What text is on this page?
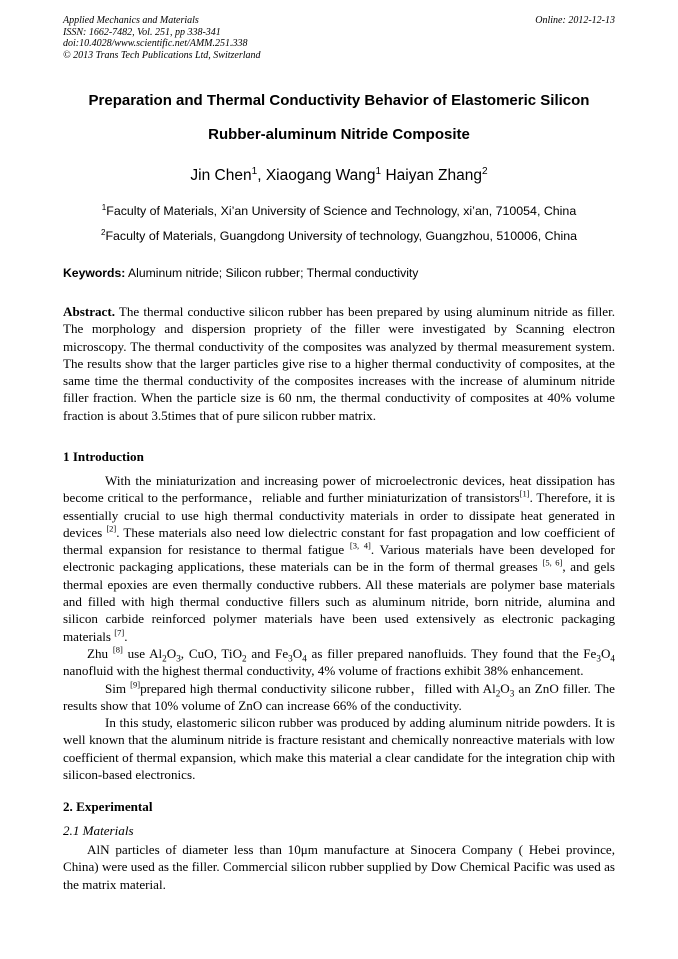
Applied Mechanics and Materials
ISSN: 1662-7482, Vol. 251, pp 338-341
doi:10.4028/www.scientific.net/AMM.251.338
© 2013 Trans Tech Publications Ltd, Switzerland
Online: 2012-12-13
Preparation and Thermal Conductivity Behavior of Elastomeric Silicon
Rubber-aluminum Nitride Composite
Jin Chen$^1$, Xiaogang Wang$^1$ Haiyan Zhang$^2$
$^1$Faculty of Materials, Xi’an University of Science and Technology, xi’an, 710054, China
$^2$Faculty of Materials, Guangdong University of technology, Guangzhou, 510006, China
Keywords: Aluminum nitride; Silicon rubber; Thermal conductivity
Abstract. The thermal conductive silicon rubber has been prepared by using aluminum nitride as filler. The morphology and dispersion propriety of the filler were investigated by Scanning electron microscopy. The thermal conductivity of the composites was analyzed by thermal measurement system. The results show that the larger particles give rise to a higher thermal conductivity of composites, at the same time the thermal conductivity of the composites increases with the increase of aluminum nitride filler fraction. When the particle size is 60 nm, the thermal conductivity of composites at 40% volume fraction is about 3.5times that of pure silicon rubber matrix.
1 Introduction

With the miniaturization and increasing power of microelectronic devices, heat dissipation has become critical to the performance，reliable and further miniaturization of transistors[1]. Therefore, it is essentially crucial to use high thermal conductivity materials in order to dissipate heat generated in devices [2]. These materials also need low dielectric constant for fast propagation and low coefficient of thermal expansion for resistance to thermal fatigue [3, 4]. Various materials have been developed for electronic packaging applications, these materials can be in the form of thermal greases [5, 6], and gels thermal epoxies are even thermally conductive rubbers. All these materials are polymer base materials and filled with high thermal conductive fillers such as aluminum nitride, born nitride, alumina and silicon carbide reinforced polymer materials have been used extensively as electronic packaging materials [7].

Zhu [8] use $Al_2O_3$, CuO, TiO$_2$ and $Fe_3O_4$ as filler prepared nanofluids. They found that the $Fe_3O_4$ nanofluid with the highest thermal conductivity, 4% volume of fractions exhibit 38% enhancement.

Sim [9]prepared high thermal conductivity silicone rubber，filled with $Al_2O_3$ an ZnO filler. The results show that 10% volume of ZnO can increase 66% of the conductivity.

In this study, elastomeric silicon rubber was produced by adding aluminum nitride powders. It is well known that the aluminum nitride is fracture resistant and chemically nonreactive materials with low coefficient of thermal expansion, which make this material a clear candidate for the integration chip with silicon-based electronics.

2. Experimental
2.1 Materials

AlN particles of diameter less than 10μm manufacture at Sinocera Company ( Hebei province, China) were used as the filler. Commercial silicon rubber supplied by Dow Chemical Pacific was used as the matrix material.
